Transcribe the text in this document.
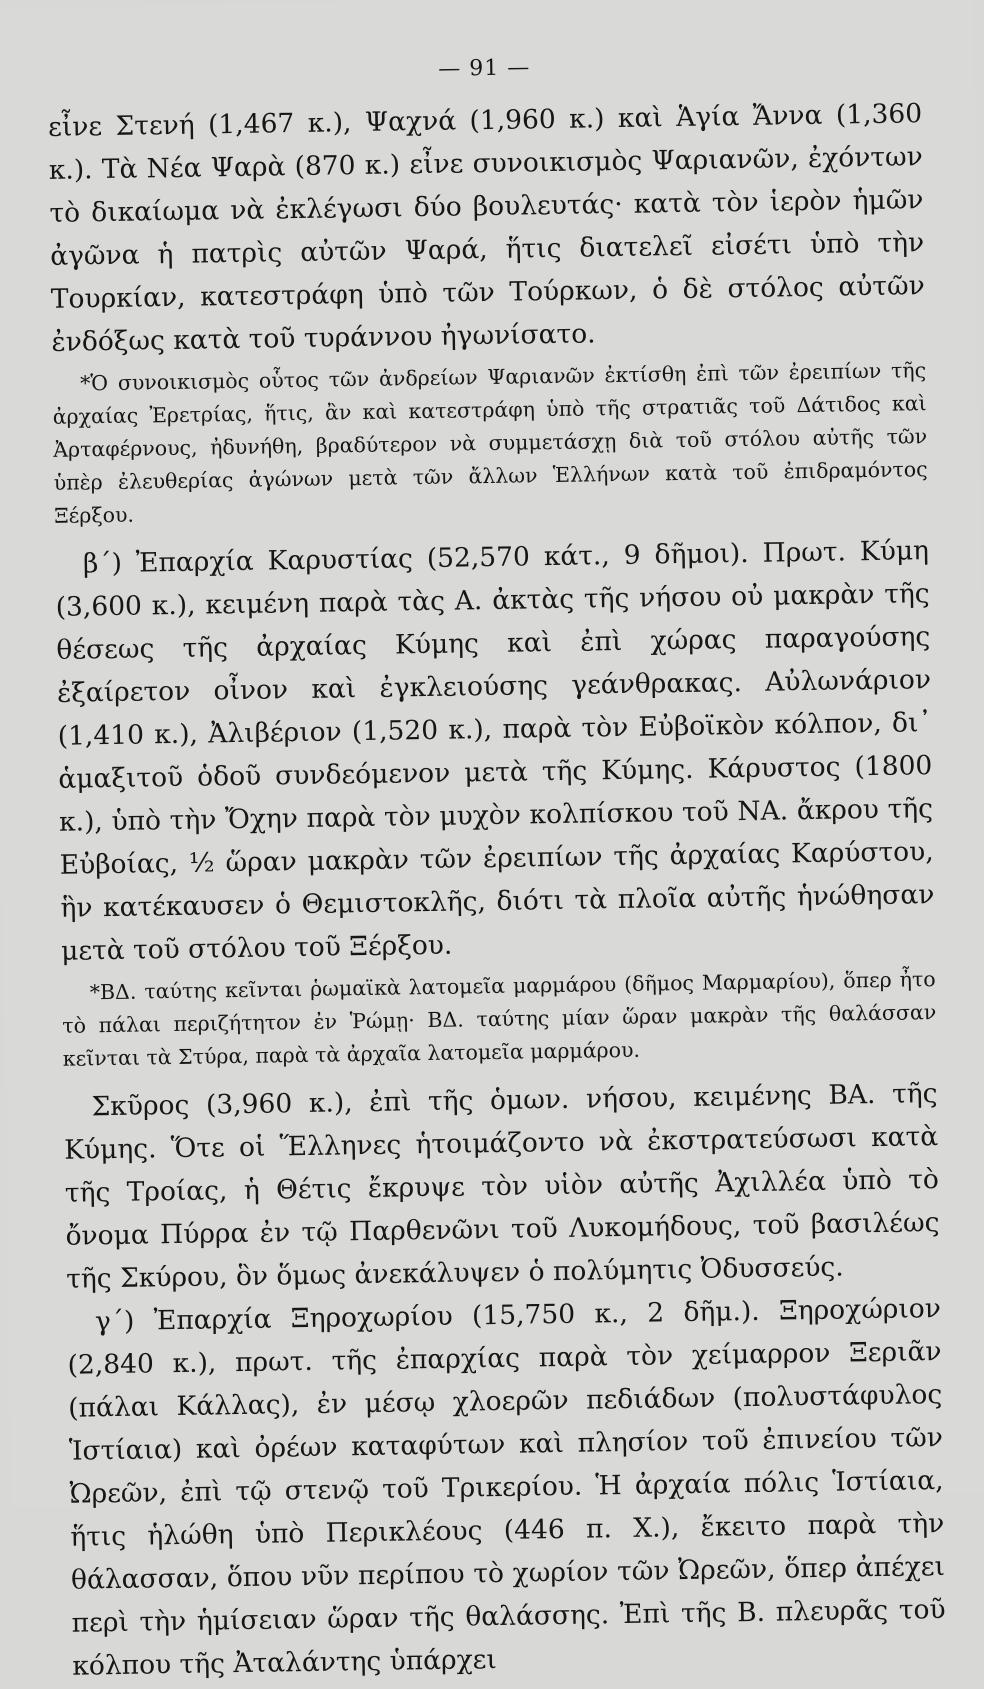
— 91 —

εἶνε Στενή (1,467 κ.), Ψαχνά (1,960 κ.) καὶ Ἁγία Ἄννα (1,360 κ.). Τὰ Νέα Ψαρὰ (870 κ.) εἶνε συνοικισμὸς Ψαριανῶν, ἐχόντων τὸ δικαίωμα νὰ ἐκλέγωσι δύο βουλευτάς· κατὰ τὸν ἱερὸν ἡμῶν ἀγῶνα ἡ πατρὶς αὐτῶν Ψαρά, ἥτις διατελεῖ εἰσέτι ὑπὸ τὴν Τουρκίαν, κατεστράφη ὑπὸ τῶν Τούρκων, ὁ δὲ στόλος αὐτῶν ἐνδόξως κατὰ τοῦ τυράννου ἠγωνίσατο.

*Ὁ συνοικισμὸς οὗτος τῶν ἀνδρείων Ψαριανῶν ἐκτίσθη ἐπὶ τῶν ἐρειπίων τῆς ἀρχαίας Ἐρετρίας, ἥτις, ἂν καὶ κατεστράφη ὑπὸ τῆς στρατιᾶς τοῦ Δάτιδος καὶ Ἀρταφέρνους, ἠδυνήθη, βραδύτερον νὰ συμμετάσχῃ διὰ τοῦ στόλου αὐτῆς τῶν ὑπὲρ ἐλευθερίας ἀγώνων μετὰ τῶν ἄλλων Ἑλλήνων κατὰ τοῦ ἐπιδραμόντος Ξέρξου.

β´) Ἐπαρχία Καρυστίας (52,570 κάτ., 9 δῆμοι). Πρωτ. Κύμη (3,600 κ.), κειμένη παρὰ τὰς Α. ἀκτὰς τῆς νήσου οὐ μακρὰν τῆς θέσεως τῆς ἀρχαίας Κύμης καὶ ἐπὶ χώρας παραγούσης ἐξαίρετον οἶνον καὶ ἐγκλειούσης γεάνθρακας. Αὐλωνάριον (1,410 κ.), Ἀλιβέριον (1,520 κ.), παρὰ τὸν Εὐβοϊκὸν κόλπον, δι᾽ ἁμαξιτοῦ ὁδοῦ συνδεόμενον μετὰ τῆς Κύμης. Κάρυστος (1800 κ.), ὑπὸ τὴν Ὄχην παρὰ τὸν μυχὸν κολπίσκου τοῦ ΝΑ. ἄκρου τῆς Εὐβοίας, ½ ὥραν μακρὰν τῶν ἐρειπίων τῆς ἀρχαίας Καρύστου, ἣν κατέκαυσεν ὁ Θεμιστοκλῆς, διότι τὰ πλοῖα αὐτῆς ἡνώθησαν μετὰ τοῦ στόλου τοῦ Ξέρξου.

*ΒΔ. ταύτης κεῖνται ῥωμαϊκὰ λατομεῖα μαρμάρου (δῆμος Μαρμαρίου), ὅπερ ἦτο τὸ πάλαι περιζήτητον ἐν Ῥώμῃ· ΒΔ. ταύτης μίαν ὥραν μακρὰν τῆς θαλάσσαν κεῖνται τὰ Στύρα, παρὰ τὰ ἀρχαῖα λατομεῖα μαρμάρου.

Σκῦρος (3,960 κ.), ἐπὶ τῆς ὁμων. νήσου, κειμένης ΒΑ. τῆς Κύμης. Ὅτε οἱ Ἕλληνες ἡτοιμάζοντο νὰ ἐκστρατεύσωσι κατὰ τῆς Τροίας, ἡ Θέτις ἔκρυψε τὸν υἱὸν αὐτῆς Ἀχιλλέα ὑπὸ τὸ ὄνομα Πύρρα ἐν τῷ Παρθενῶνι τοῦ Λυκομήδους, τοῦ βασιλέως τῆς Σκύρου, ὃν ὅμως ἀνεκάλυψεν ὁ πολύμητις Ὀδυσσεύς.

γ´) Ἐπαρχία Ξηροχωρίου (15,750 κ., 2 δῆμ.). Ξηροχώριον (2,840 κ.), πρωτ. τῆς ἐπαρχίας παρὰ τὸν χείμαρρον Ξεριᾶν (πάλαι Κάλλας), ἐν μέσῳ χλοερῶν πεδιάδων (πολυστάφυλος Ἱστίαια) καὶ ὀρέων καταφύτων καὶ πλησίον τοῦ ἐπινείου τῶν Ὠρεῶν, ἐπὶ τῷ στενῷ τοῦ Τρικερίου. Ἡ ἀρχαία πόλις Ἱστίαια, ἥτις ἡλώθη ὑπὸ Περικλέους (446 π. Χ.), ἔκειτο παρὰ τὴν θάλασσαν, ὅπου νῦν περίπου τὸ χωρίον τῶν Ὠρεῶν, ὅπερ ἀπέχει περὶ τὴν ἡμίσειαν ὥραν τῆς θαλάσσης. Ἐπὶ τῆς Β. πλευρᾶς τοῦ κόλπου τῆς Ἀταλάντης ὑπάρχει
